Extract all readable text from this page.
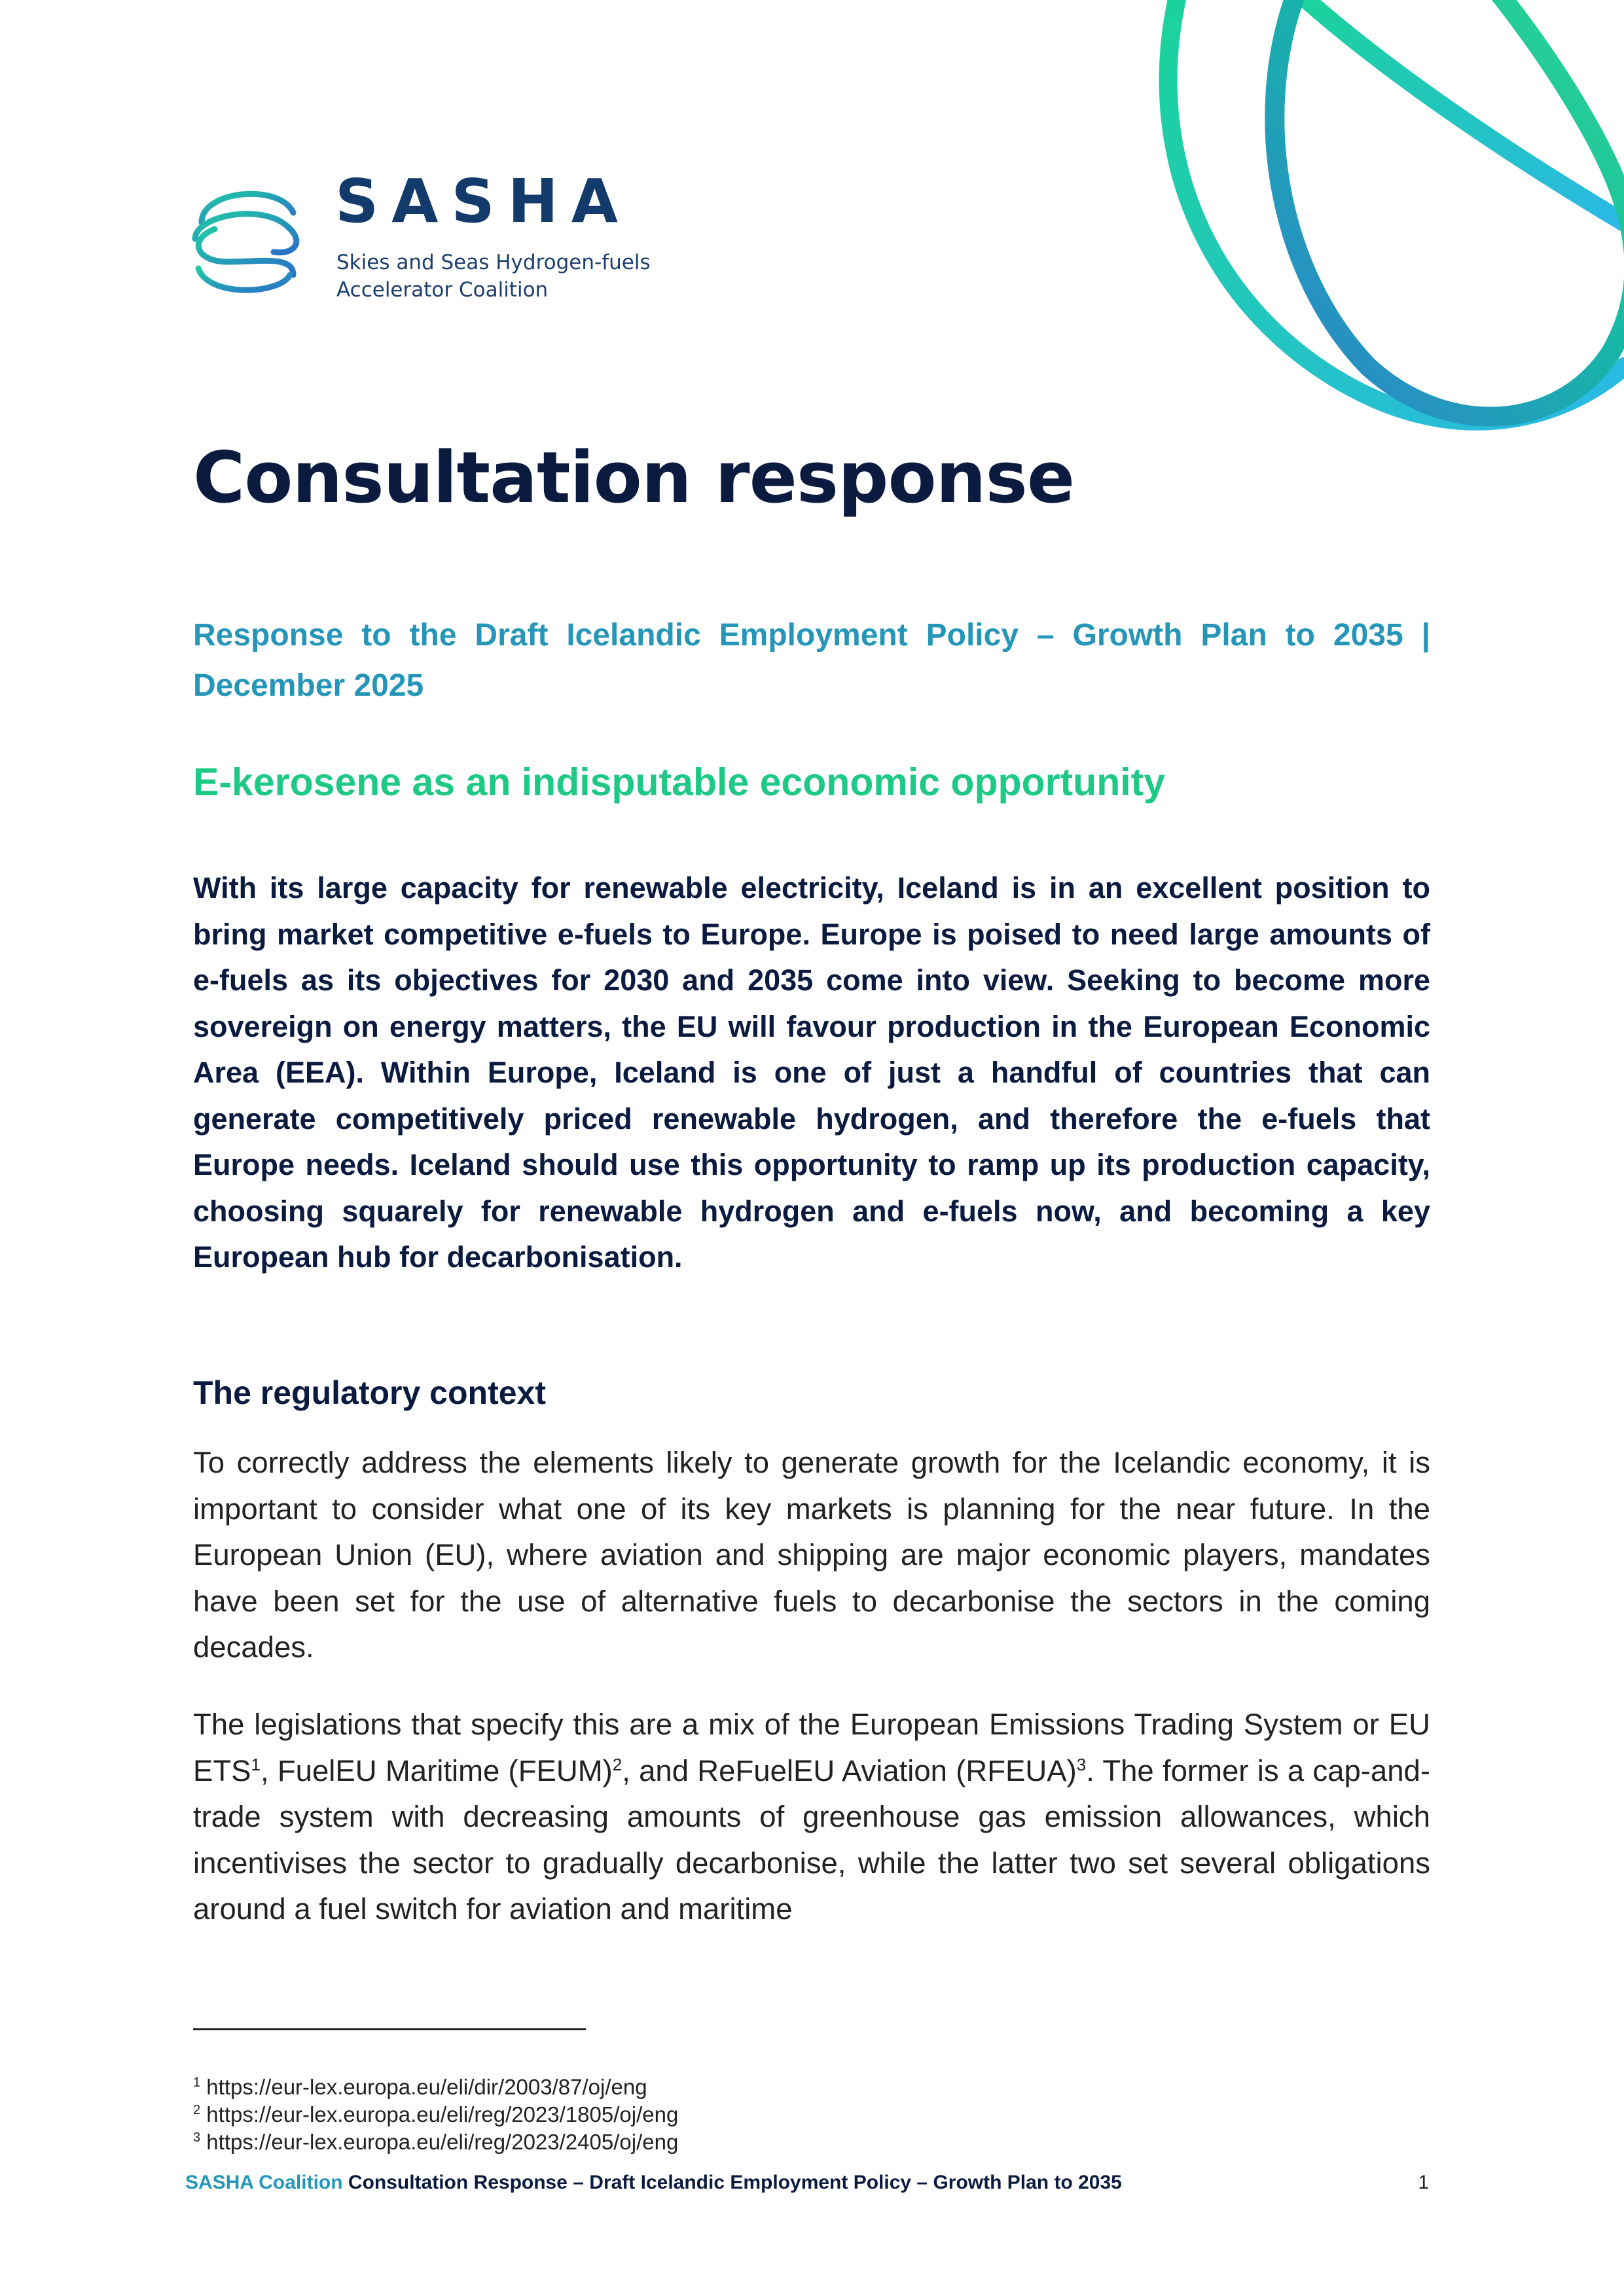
SASHA
Skies and Seas Hydrogen-fuels
Accelerator Coalition
Consultation response

Response to the Draft Icelandic Employment Policy – Growth Plan to 2035 | December 2025

E-kerosene as an indisputable economic opportunity

With its large capacity for renewable electricity, Iceland is in an excellent position to bring market competitive e-fuels to Europe. Europe is poised to need large amounts of e-fuels as its objectives for 2030 and 2035 come into view. Seeking to become more sovereign on energy matters, the EU will favour production in the European Economic Area (EEA). Within Europe, Iceland is one of just a handful of countries that can generate competitively priced renewable hydrogen, and therefore the e-fuels that Europe needs. Iceland should use this opportunity to ramp up its production capacity, choosing squarely for renewable hydrogen and e-fuels now, and becoming a key European hub for decarbonisation.

The regulatory context

To correctly address the elements likely to generate growth for the Icelandic economy, it is important to consider what one of its key markets is planning for the near future. In the European Union (EU), where aviation and shipping are major economic players, mandates have been set for the use of alternative fuels to decarbonise the sectors in the coming decades.

The legislations that specify this are a mix of the European Emissions Trading System or EU ETS$^1$, FuelEU Maritime (FEUM)$^2$, and ReFuelEU Aviation (RFEUA)$^3$. The former is a cap-and-trade system with decreasing amounts of greenhouse gas emission allowances, which incentivises the sector to gradually decarbonise, while the latter two set several obligations around a fuel switch for aviation and maritime

$^1$ https://eur-lex.europa.eu/eli/dir/2003/87/oj/eng
$^2$ https://eur-lex.europa.eu/eli/reg/2023/1805/oj/eng
$^3$ https://eur-lex.europa.eu/eli/reg/2023/2405/oj/eng
SASHA Coalition Consultation Response – Draft Icelandic Employment Policy – Growth Plan to 2035	1
